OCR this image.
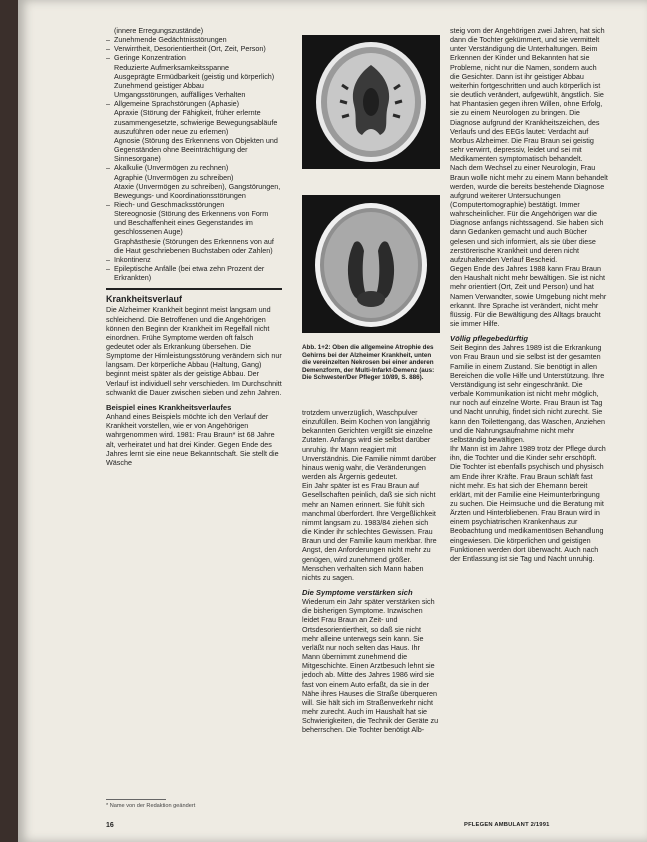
(innere Erregungszustände)
– Zunehmende Gedächtnisstörungen
– Verwirrtheit, Desorientiertheit (Ort, Zeit, Person)
– Geringe Konzentration
Reduzierte Aufmerksamkeitsspanne
Ausgeprägte Ermüdbarkeit (geistig und körperlich)
Zunehmend geistiger Abbau
Umgangsstörungen, auffälliges Verhalten
– Allgemeine Sprachstörungen (Aphasie)
Apraxie (Störung der Fähigkeit, früher erlernte zusammengesetzte, schwierige Bewegungsabläufe auszuführen oder neue zu erlernen)
Agnosie (Störung des Erkennens von Objekten und Gegenständen ohne Beeinträchtigung der Sinnesorgane)
– Akalkulie (Unvermögen zu rechnen)
Agraphie (Unvermögen zu schreiben)
Ataxie (Unvermögen zu schreiben), Gangstörungen, Bewegungs- und Koordinationsstörungen
– Riech- und Geschmacksstörungen
Stereognosie (Störung des Erkennens von Form und Beschaffenheit eines Gegenstandes im geschlossenen Auge)
Graphästhesie (Störungen des Erkennens von auf die Haut geschriebenen Buchstaben oder Zahlen)
– Inkontinenz
– Epileptische Anfälle (bei etwa zehn Prozent der Erkrankten)

Krankheitsverlauf

Die Alzheimer Krankheit beginnt meist langsam und schleichend. Die Betroffenen und die Angehörigen können den Beginn der Krankheit im Regelfall nicht einordnen. Frühe Symptome werden oft falsch gedeutet oder als Erkrankung übersehen. Die Symptome der Hirnleistungsstörung verändern sich nur langsam. Der körperliche Abbau (Haltung, Gang) beginnt meist später als der geistige Abbau. Der Verlauf ist individuell sehr verschieden. Im Durchschnitt schwankt die Dauer zwischen sieben und zehn Jahren.

Beispiel eines Krankheitsverlaufes

Anhand eines Beispiels möchte ich den Verlauf der Krankheit vorstellen, wie er von Angehörigen wahrgenommen wird. 1981: Frau Braun* ist 68 Jahre alt, verheiratet und hat drei Kinder. Gegen Ende des Jahres lernt sie eine neue Bekanntschaft. Sie stellt die Wäsche

Abb. 1+2: Oben die allgemeine Atrophie des Gehirns bei der Alzheimer Krankheit, unten die vereinzelten Nekrosen bei einer anderen Demenzform, der Multi-Infarkt-Demenz (aus: Die Schwester/Der Pfleger 10/89, S. 886).

trotzdem unverzüglich, Waschpulver einzufüllen. Beim Kochen von langjährig bekannten Gerichten vergißt sie einzelne Zutaten. Anfangs wird sie selbst darüber unruhig. Ihr Mann reagiert mit Unverständnis. Die Familie nimmt darüber hinaus wenig wahr, die Veränderungen werden als Ärgernis gedeutet.

Ein Jahr später ist es Frau Braun auf Gesellschaften peinlich, daß sie sich nicht mehr an Namen erinnert. Sie fühlt sich manchmal überfordert. Ihre Vergeßlichkeit nimmt langsam zu. 1983/84 ziehen sich die Kinder ihr schlechtes Gewissen. Frau Braun und der Familie kaum merkbar. Ihre Angst, den Anforderungen nicht mehr zu genügen, wird zunehmend größer. Menschen verhalten sich Mann haben nichts zu sagen.

Die Symptome verstärken sich

Wiederum ein Jahr später verstärken sich die bisherigen Symptome. Inzwischen leidet Frau Braun an Zeit- und Ortsdesorientiertheit, so daß sie nicht mehr alleine unterwegs sein kann. Sie verläßt nur noch selten das Haus. Ihr Mann übernimmt zunehmend die Mitgeschichte. Einen Arztbesuch lehnt sie jedoch ab. Mitte des Jahres 1986 wird sie fast von einem Auto erfaßt, da sie in der Nähe ihres Hauses die Straße überqueren will. Sie hält sich im Straßenverkehr nicht mehr zurecht. Auch im Haushalt hat sie Schwierigkeiten, die Technik der Geräte zu beherrschen. Die Tochter benötigt Alb-

steig vom der Angehörigen zwei Jahren, hat sich dann die Tochter gekümmert, und sie vermittelt unter Verständigung die Unterhaltungen. Beim Erkennen der Kinder und Bekannten hat sie Probleme, nicht nur die Namen, sondern auch die Gesichter. Dann ist ihr geistiger Abbau weiterhin fortgeschritten und auch körperlich ist sie deutlich verändert, aufgewühlt, ängstlich. Sie hat Phantasien gegen ihren Willen, ohne Erfolg, sie zu einem Neurologen zu bringen. Die Diagnose aufgrund der Krankheitszeichen, des Verlaufs und des EEGs lautet: Verdacht auf Morbus Alzheimer. Die Frau Braun sei geistig sehr verwirrt, depressiv, leidet und sei mit Medikamenten symptomatisch behandelt.

Nach dem Wechsel zu einer Neurologin, Frau Braun wolle nicht mehr zu einem Mann behandelt werden, wurde die bereits bestehende Diagnose aufgrund weiterer Untersuchungen (Computertomographie) bestätigt. Immer wahrscheinlicher. Für die Angehörigen war die Diagnose anfangs nichtssagend. Sie haben sich dann Gedanken gemacht und auch Bücher gelesen und sich informiert, als sie über diese zerstörerische Krankheit und deren nicht aufzuhaltenden Verlauf Bescheid.

Gegen Ende des Jahres 1988 kann Frau Braun den Haushalt nicht mehr bewältigen. Sie ist nicht mehr orientiert (Ort, Zeit und Person) und hat Namen Verwandter, sowie Umgebung nicht mehr erkannt. Ihre Sprache ist verändert, nicht mehr flüssig. Für die Bewältigung des Alltags braucht sie immer Hilfe.

Völlig pflegebedürftig

Seit Beginn des Jahres 1989 ist die Erkrankung von Frau Braun und sie selbst ist der gesamten Familie in einem Zustand. Sie benötigt in allen Bereichen die volle Hilfe und Unterstützung. Ihre Verständigung ist sehr eingeschränkt. Die verbale Kommunikation ist nicht mehr möglich, nur noch auf einzelne Worte. Frau Braun ist Tag und Nacht unruhig, findet sich nicht zurecht. Sie kann den Toilettengang, das Waschen, Anziehen und die Nahrungsaufnahme nicht mehr selbständig bewältigen.

Ihr Mann ist im Jahre 1989 trotz der Pflege durch ihn, die Tochter und die Kinder sehr erschöpft. Die Tochter ist ebenfalls psychisch und physisch am Ende ihrer Kräfte. Frau Braun schläft fast nicht mehr. Es hat sich der Ehemann bereit erklärt, mit der Familie eine Heimunterbringung zu suchen. Die Heimsuche und die Beratung mit Ärzten und Hinterbliebenen. Frau Braun wird in einem psychiatrischen Krankenhaus zur Beobachtung und medikamentösen Behandlung eingewiesen. Die körperlichen und geistigen Funktionen werden dort überwacht. Auch nach der Entlassung ist sie Tag und Nacht unruhig.

* Name von der Redaktion geändert
16	PFLEGEN AMBULANT 2/1991
